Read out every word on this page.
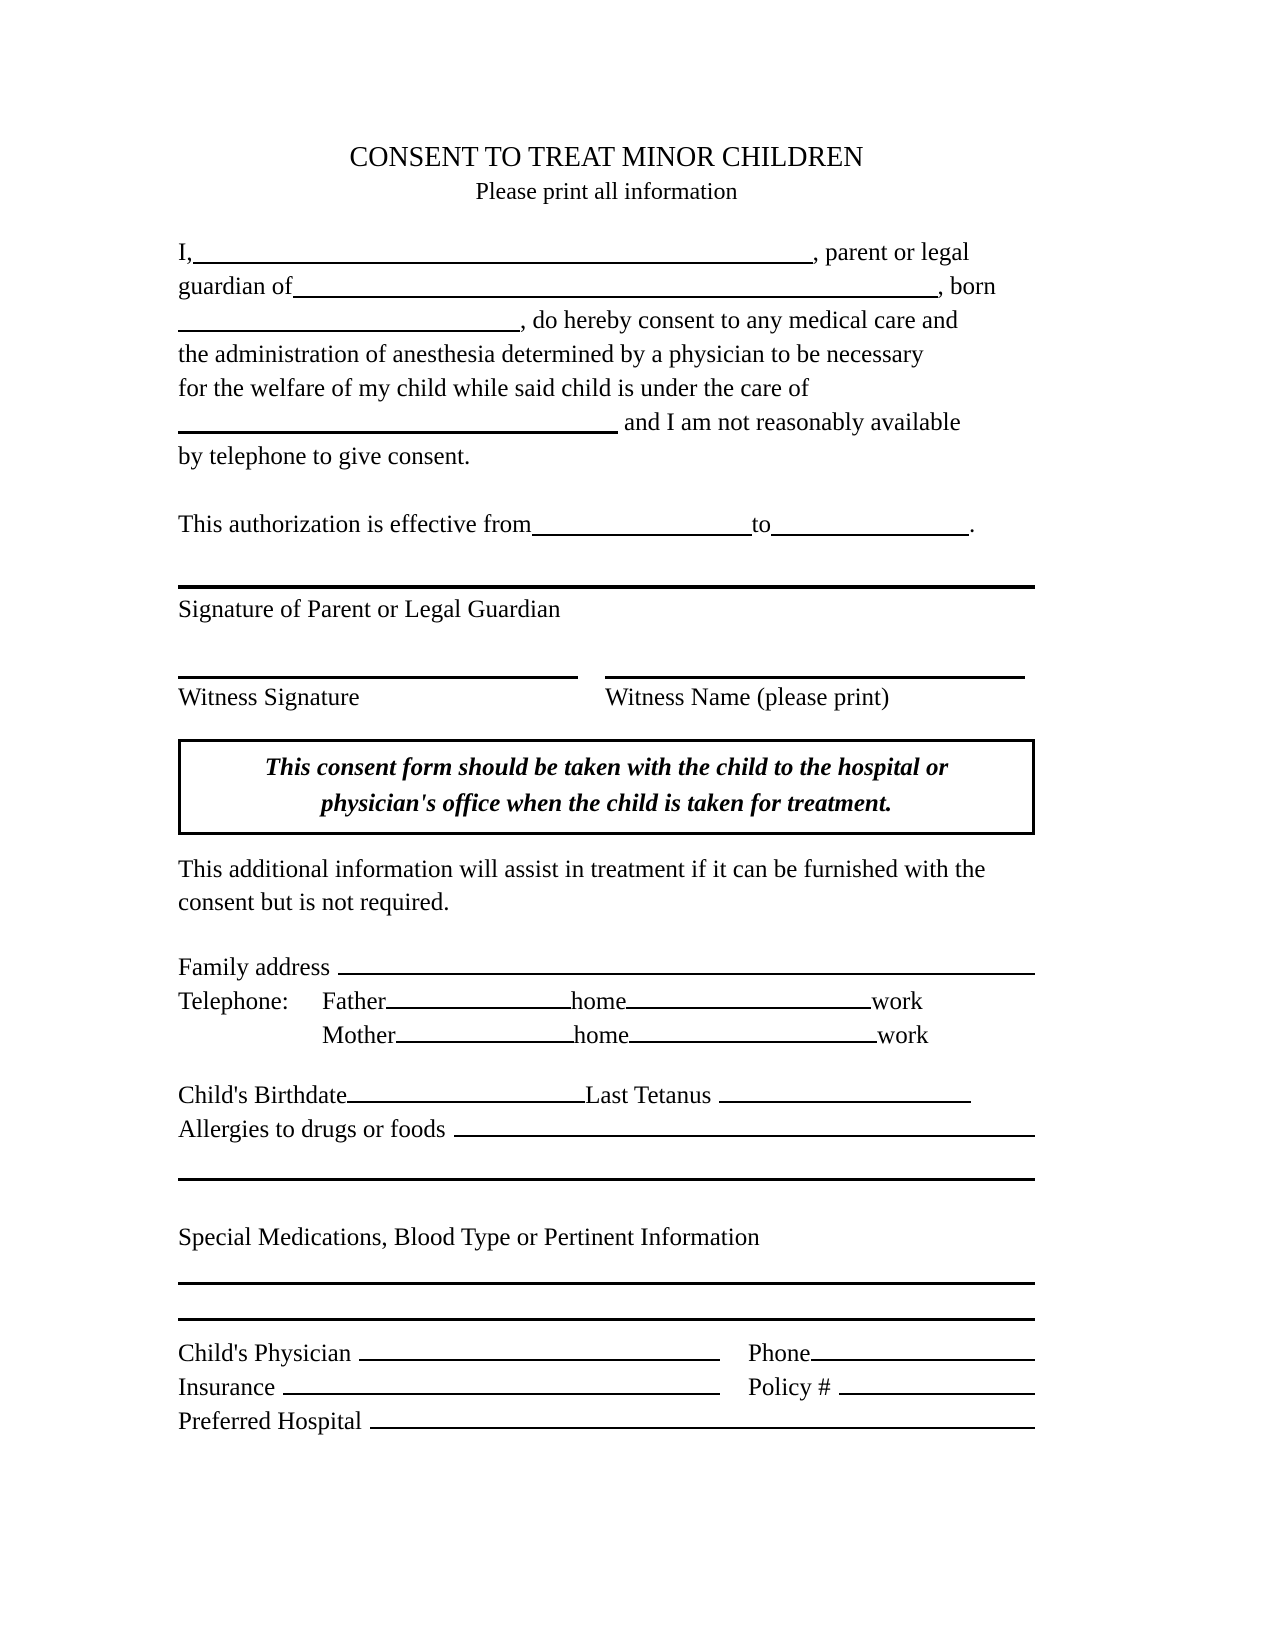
CONSENT TO TREAT MINOR CHILDREN
Please print all information
I,	, parent or legal
guardian of	, born
, do hereby consent to any medical care and
the administration of anesthesia determined by a physician to be necessary
for the welfare of my child while said child is under the care of
and I am not reasonably available
by telephone to give consent.
This authorization is effective from	to	.
Signature of Parent or Legal Guardian
Witness Signature	Witness Name (please print)
This consent form should be taken with the child to the hospital or
physician's office when the child is taken for treatment.
This additional information will assist in treatment if it can be furnished with the consent but is not required.
Family address
Telephone:	Father	home	work
Mother	home	work
Child's Birthdate	Last Tetanus
Allergies to drugs or foods
Special Medications, Blood Type or Pertinent Information
Child's Physician	Phone
Insurance	Policy #
Preferred Hospital
